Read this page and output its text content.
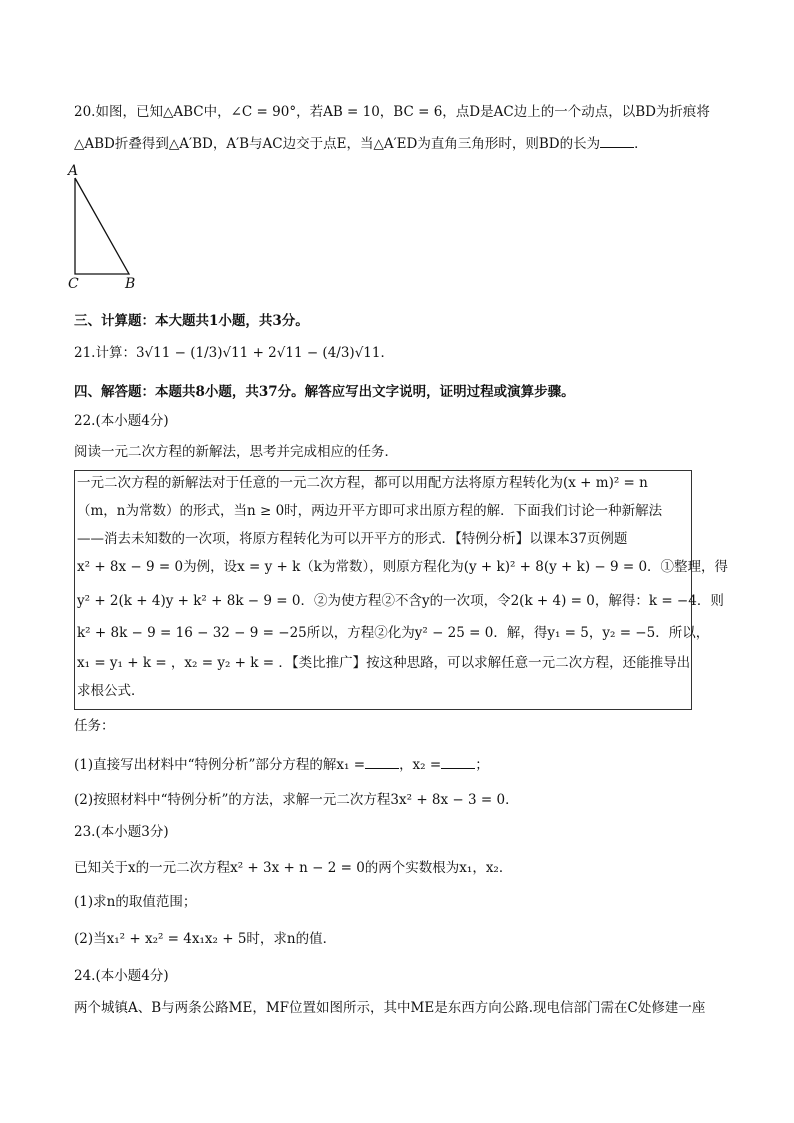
20.如图，已知△ABC中，∠C = 90°，若AB = 10，BC = 6，点D是AC边上的一个动点，以BD为折痕将
△ABD折叠得到△A′BD，A′B与AC边交于点E，当△A′ED为直角三角形时，则BD的长为	．
A
C	B
三、计算题：本大题共1小题，共3分。
21.计算：3√11 − (1/3)√11 + 2√11 − (4/3)√11．
四、解答题：本题共8小题，共37分。解答应写出文字说明，证明过程或演算步骤。
22.(本小题4分)
阅读一元二次方程的新解法，思考并完成相应的任务．
一元二次方程的新解法对于任意的一元二次方程，都可以用配方法将原方程转化为(x + m)² = n
（m，n为常数）的形式，当n ≥ 0时，两边开平方即可求出原方程的解．下面我们讨论一种新解法
——消去未知数的一次项，将原方程转化为可以开平方的形式．【特例分析】以课本37页例题
x² + 8x − 9 = 0为例，设x = y + k（k为常数），则原方程化为(y + k)² + 8(y + k) − 9 = 0．①整理，得
y² + 2(k + 4)y + k² + 8k − 9 = 0．②为使方程②不含y的一次项，令2(k + 4) = 0，解得：k = −4．则
k² + 8k − 9 = 16 − 32 − 9 = −25所以，方程②化为y² − 25 = 0．解，得y₁ = 5，y₂ = −5．所以，
x₁ = y₁ + k = ，x₂ = y₂ + k = ．【类比推广】按这种思路，可以求解任意一元二次方程，还能推导出
求根公式．
任务：
(1)直接写出材料中“特例分析”部分方程的解x₁ =	，x₂ =	；
(2)按照材料中“特例分析”的方法，求解一元二次方程3x² + 8x − 3 = 0．
23.(本小题3分)
已知关于x的一元二次方程x² + 3x + n − 2 = 0的两个实数根为x₁，x₂．
(1)求n的取值范围；
(2)当x₁² + x₂² = 4x₁x₂ + 5时，求n的值．
24.(本小题4分)
两个城镇A、B与两条公路ME，MF位置如图所示，其中ME是东西方向公路.现电信部门需在C处修建一座
